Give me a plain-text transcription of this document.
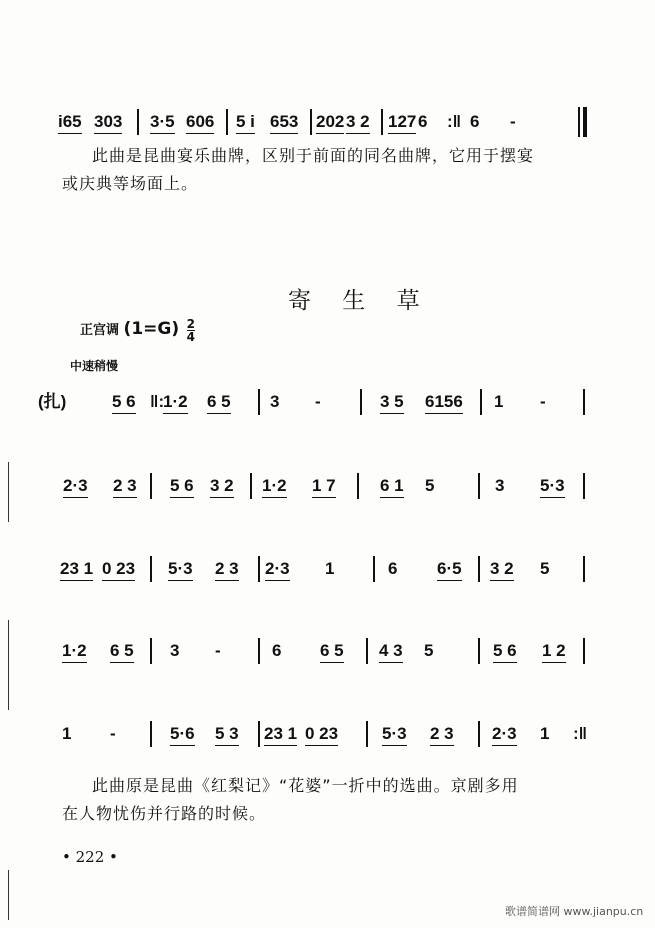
i65 303 3·5 606 5 i 653 202 3 2 127 6 :‖ 6 -
此曲是昆曲宴乐曲牌，区别于前面的同名曲牌，它用于摆宴
或庆典等场面上。
寄 生 草
正宫调 $(1=G) \frac{2}{4}$
中速稍慢
(扎)	5 6 ‖:
1·2 6 5 3 -	3 5 6156 1 -
2·3 2 3 5 6 3 2 1·2 1 7	6 1 5	3 5·3
23 1 0 23 5·3 2 3 2·3 1	6 6·5 3 2 5
1·2 6 5 3 -	6 6 5 4 3 5	5 6 1 2
1 -	5·6 5 3 23 1 0 23	5·3 2 3 2·3 1 :‖
此曲原是昆曲《红梨记》“花婆”一折中的选曲。京剧多用
在人物忧伤并行路的时候。
• 222 •
歌谱简谱网 www.jianpu.cn
